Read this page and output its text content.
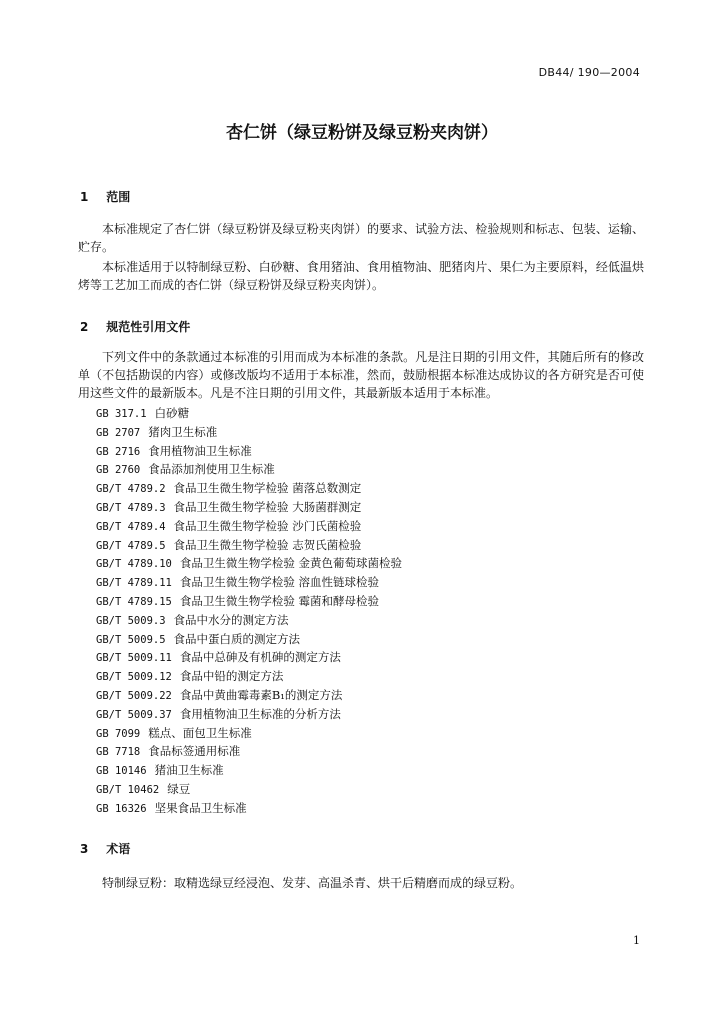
DB44/ 190—2004
杏仁饼（绿豆粉饼及绿豆粉夹肉饼）
1 范围
本标准规定了杏仁饼（绿豆粉饼及绿豆粉夹肉饼）的要求、试验方法、检验规则和标志、包装、运输、贮存。
本标准适用于以特制绿豆粉、白砂糖、食用猪油、食用植物油、肥猪肉片、果仁为主要原料，经低温烘烤等工艺加工而成的杏仁饼（绿豆粉饼及绿豆粉夹肉饼）。
2 规范性引用文件
下列文件中的条款通过本标准的引用而成为本标准的条款。凡是注日期的引用文件，其随后所有的修改单（不包括勘误的内容）或修改版均不适用于本标准，然而，鼓励根据本标准达成协议的各方研究是否可使用这些文件的最新版本。凡是不注日期的引用文件，其最新版本适用于本标准。
GB 317.1 白砂糖
GB 2707 猪肉卫生标准
GB 2716 食用植物油卫生标准
GB 2760 食品添加剂使用卫生标准
GB/T 4789.2 食品卫生微生物学检验 菌落总数测定
GB/T 4789.3 食品卫生微生物学检验 大肠菌群测定
GB/T 4789.4 食品卫生微生物学检验 沙门氏菌检验
GB/T 4789.5 食品卫生微生物学检验 志贺氏菌检验
GB/T 4789.10 食品卫生微生物学检验 金黄色葡萄球菌检验
GB/T 4789.11 食品卫生微生物学检验 溶血性链球检验
GB/T 4789.15 食品卫生微生物学检验 霉菌和酵母检验
GB/T 5009.3 食品中水分的测定方法
GB/T 5009.5 食品中蛋白质的测定方法
GB/T 5009.11 食品中总砷及有机砷的测定方法
GB/T 5009.12 食品中铅的测定方法
GB/T 5009.22 食品中黄曲霉毒素B₁的测定方法
GB/T 5009.37 食用植物油卫生标准的分析方法
GB 7099 糕点、面包卫生标准
GB 7718 食品标签通用标准
GB 10146 猪油卫生标准
GB/T 10462 绿豆
GB 16326 坚果食品卫生标准
3 术语
特制绿豆粉：取精选绿豆经浸泡、发芽、高温杀青、烘干后精磨而成的绿豆粉。
1
